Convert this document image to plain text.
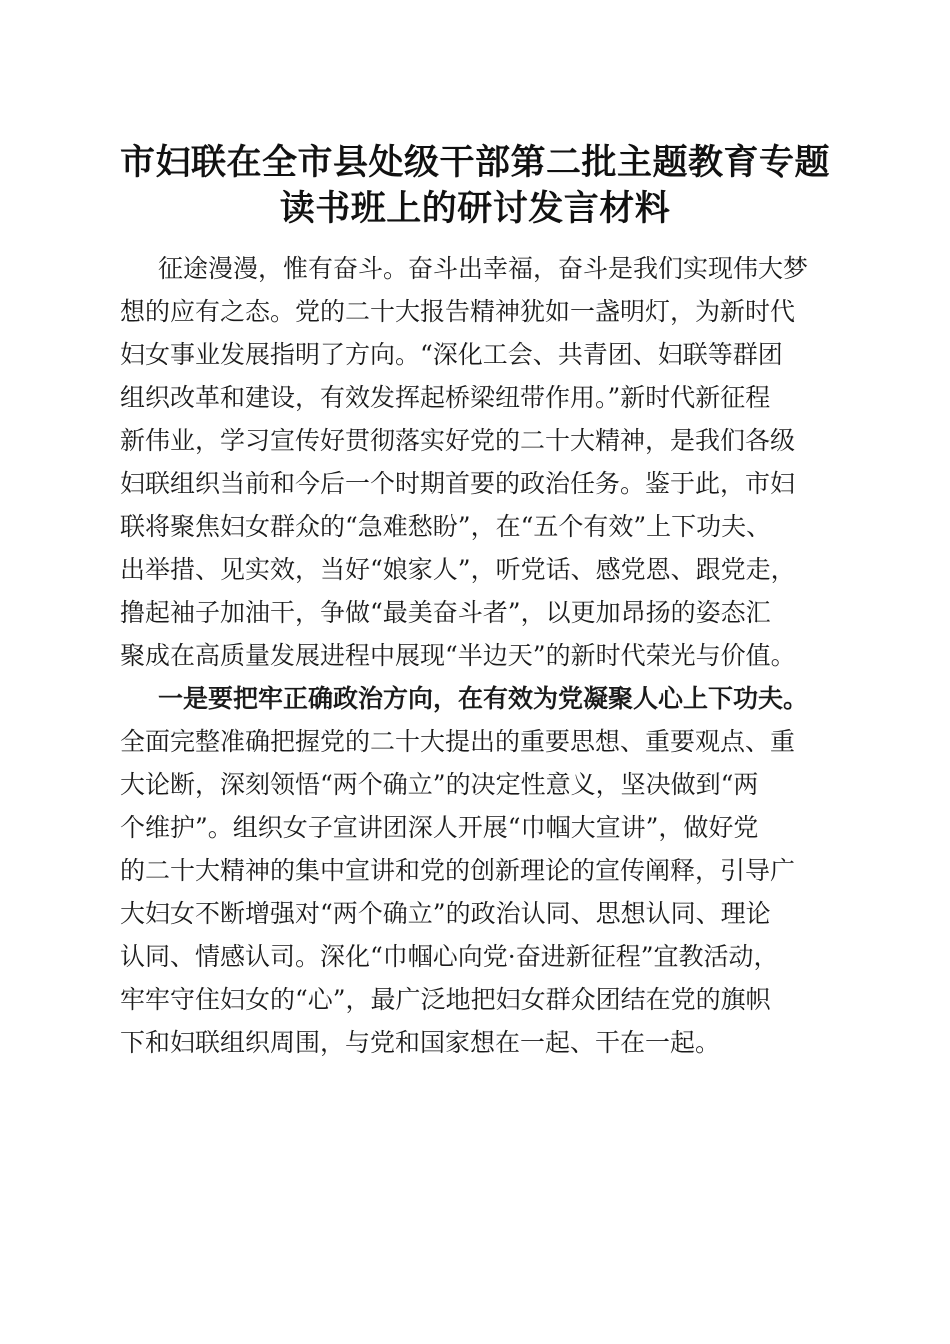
市妇联在全市县处级干部第二批主题教育专题
读书班上的研讨发言材料
征途漫漫，惟有奋斗。奋斗出幸福，奋斗是我们实现伟大梦
想的应有之态。党的二十大报告精神犹如一盏明灯，为新时代
妇女事业发展指明了方向。“深化工会、共青团、妇联等群团
组织改革和建设，有效发挥起桥梁纽带作用。”新时代新征程
新伟业，学习宣传好贯彻落实好党的二十大精神，是我们各级
妇联组织当前和今后一个时期首要的政治任务。鉴于此，市妇
联将聚焦妇女群众的“急难愁盼”，在“五个有效”上下功夫、
出举措、见实效，当好“娘家人”，听党话、感党恩、跟党走，
撸起袖子加油干，争做“最美奋斗者”，以更加昂扬的姿态汇
聚成在高质量发展进程中展现“半边天”的新时代荣光与价值。
一是要把牢正确政治方向，在有效为党凝聚人心上下功夫。
全面完整准确把握党的二十大提出的重要思想、重要观点、重
大论断，深刻领悟“两个确立”的决定性意义，坚决做到“两
个维护”。组织女子宣讲团深人开展“巾帼大宣讲”，做好党
的二十大精神的集中宣讲和党的创新理论的宣传阐释，引导广
大妇女不断增强对“两个确立”的政治认同、思想认同、理论
认同、情感认司。深化“巾帼心向党·奋进新征程”宜教活动，
牢牢守住妇女的“心”，最广泛地把妇女群众团结在党的旗帜
下和妇联组织周围，与党和国家想在一起、干在一起。
